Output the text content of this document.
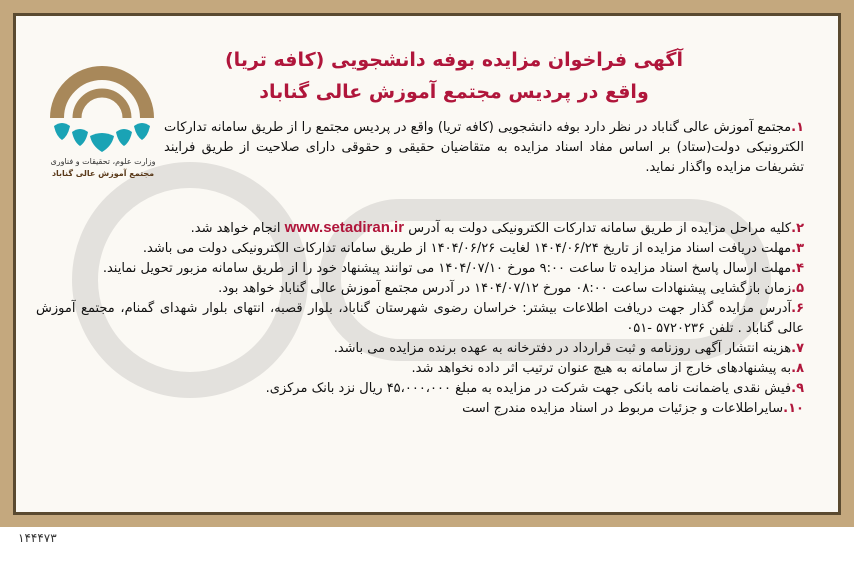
آگهی فراخوان مزایده بوفه دانشجویی (کافه تریا)
واقع در پردیس مجتمع آموزش عالی گناباد
وزارت علوم، تحقیقات و فناوری
مجتمع آموزش عالی گناباد

۱.مجتمع آموزش عالی گناباد در نظر دارد بوفه دانشجویی (کافه تریا) واقع در پردیس مجتمع را از طریق سامانه تدارکات الکترونیکی دولت(ستاد) بر اساس مفاد اسناد مزایده به متقاضیان حقیقی و حقوقی دارای صلاحیت از طریق فرایند تشریفات مزایده واگذار نماید.

۲.کلیه مراحل مزایده از طریق سامانه تدارکات الکترونیکی دولت به آدرس www.setadiran.ir انجام خواهد شد.

۳.مهلت دریافت اسناد مزایده از تاریخ ۱۴۰۴/۰۶/۲۴ لغایت ۱۴۰۴/۰۶/۲۶ از طریق سامانه تدارکات الکترونیکی دولت می باشد.

۴.مهلت ارسال پاسخ اسناد مزایده تا ساعت ۹:۰۰ مورخ ۱۴۰۴/۰۷/۱۰ می توانند پیشنهاد خود را از طریق سامانه مزبور تحویل نمایند.

۵.زمان بازگشایی پیشنهادات ساعت ۰۸:۰۰ مورخ ۱۴۰۴/۰۷/۱۲ در آدرس مجتمع آموزش عالی گناباد خواهد بود.

۶.آدرس مزایده گذار جهت دریافت اطلاعات بیشتر: خراسان رضوی شهرستان گناباد، بلوار قصبه، انتهای بلوار شهدای گمنام، مجتمع آموزش عالی گناباد . تلفن ۵۷۲۰۲۳۶ -۰۵۱

۷.هزینه انتشار آگهی روزنامه و ثبت قرارداد در دفترخانه به عهده برنده مزایده می باشد.

۸.به پیشنهادهای خارج از سامانه به هیچ عنوان ترتیب اثر داده نخواهد شد.

۹.فیش نقدی یاضمانت نامه بانکی جهت شرکت در مزایده به مبلغ ۴۵،۰۰۰،۰۰۰ ریال نزد بانک مرکزی.

۱۰.سایراطلاعات و جزئیات مربوط در اسناد مزایده مندرج است

۱۴۴۴۷۳
